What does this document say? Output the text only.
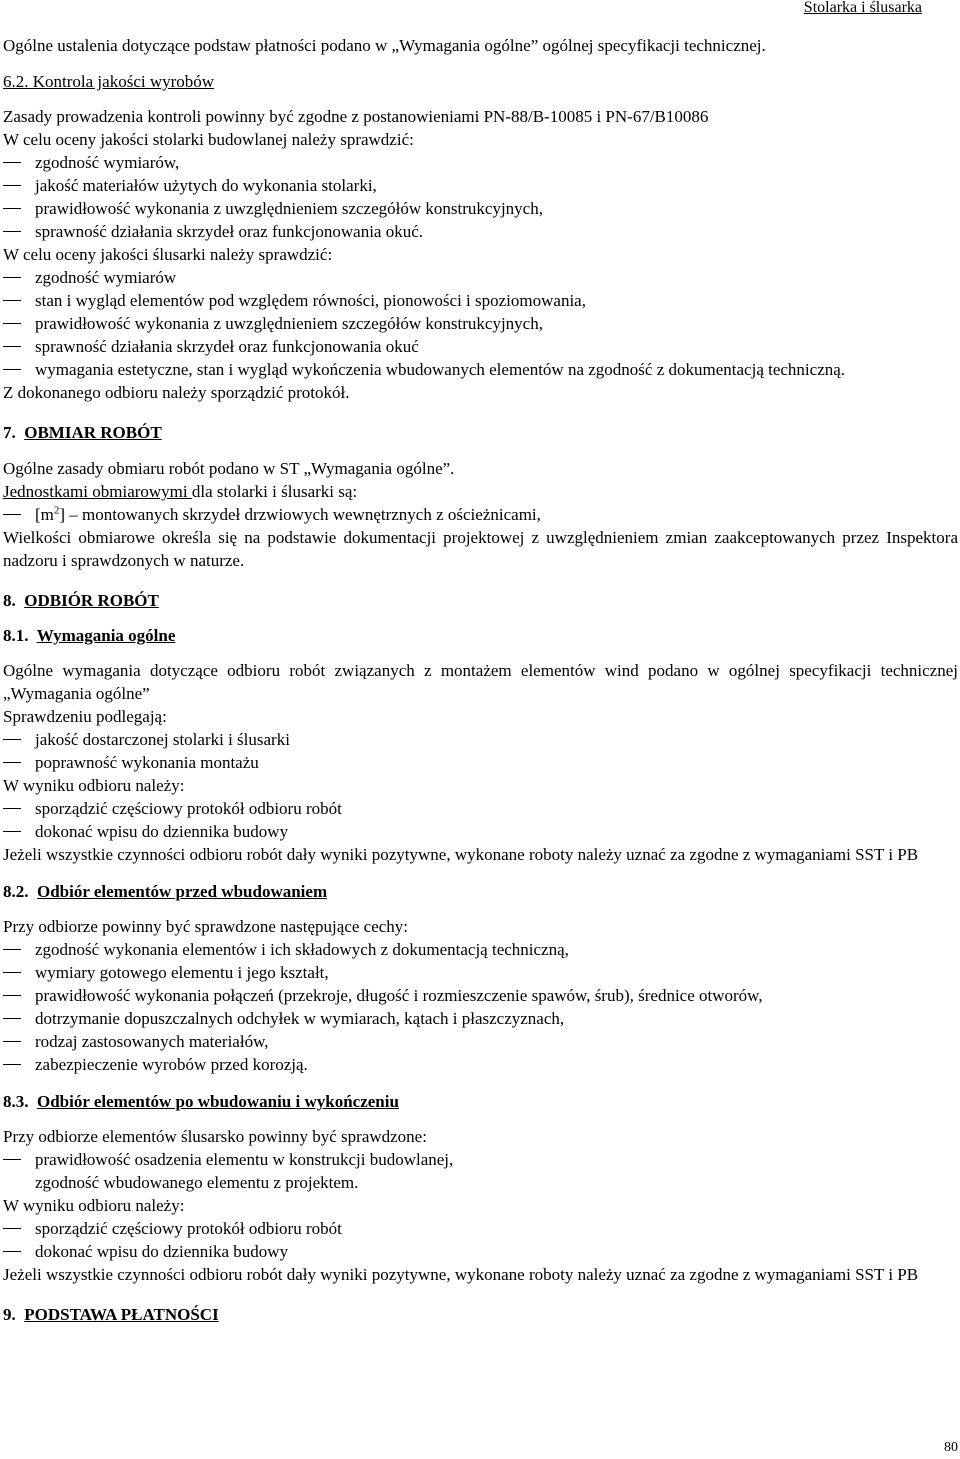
Stolarka i ślusarka

Ogólne ustalenia dotyczące podstaw płatności podano w „Wymagania ogólne” ogólnej specyfikacji technicznej.

6.2. Kontrola jakości wyrobów

Zasady prowadzenia kontroli powinny być zgodne z postanowieniami PN-88/B-10085 i PN-67/B10086

W celu oceny jakości stolarki budowlanej należy sprawdzić:

zgodność wymiarów,
jakość materiałów użytych do wykonania stolarki,
prawidłowość wykonania z uwzględnieniem szczegółów konstrukcyjnych,
sprawność działania skrzydeł oraz funkcjonowania okuć.

W celu oceny jakości ślusarki należy sprawdzić:

zgodność wymiarów
stan i wygląd elementów pod względem równości, pionowości i spoziomowania,
prawidłowość wykonania z uwzględnieniem szczegółów konstrukcyjnych,
sprawność działania skrzydeł oraz funkcjonowania okuć
wymagania estetyczne, stan i wygląd wykończenia wbudowanych elementów na zgodność z dokumentacją techniczną.

Z dokonanego odbioru należy sporządzić protokół.

7. OBMIAR ROBÓT

Ogólne zasady obmiaru robót podano w ST „Wymagania ogólne”.

Jednostkami obmiarowymi dla stolarki i ślusarki są:

$[m^2]$ – montowanych skrzydeł drzwiowych wewnętrznych z ościeżnicami,

Wielkości obmiarowe określa się na podstawie dokumentacji projektowej z uwzględnieniem zmian zaakceptowanych przez Inspektora nadzoru i sprawdzonych w naturze.

8. ODBIÓR ROBÓT

8.1. Wymagania ogólne

Ogólne wymagania dotyczące odbioru robót związanych z montażem elementów wind podano w ogólnej specyfikacji technicznej „Wymagania ogólne”

Sprawdzeniu podlegają:

jakość dostarczonej stolarki i ślusarki
poprawność wykonania montażu

W wyniku odbioru należy:

sporządzić częściowy protokół odbioru robót
dokonać wpisu do dziennika budowy

Jeżeli wszystkie czynności odbioru robót dały wyniki pozytywne, wykonane roboty należy uznać za zgodne z wymaganiami SST i PB

8.2. Odbiór elementów przed wbudowaniem

Przy odbiorze powinny być sprawdzone następujące cechy:

zgodność wykonania elementów i ich składowych z dokumentacją techniczną,
wymiary gotowego elementu i jego kształt,
prawidłowość wykonania połączeń (przekroje, długość i rozmieszczenie spawów, śrub), średnice otworów,
dotrzymanie dopuszczalnych odchyłek w wymiarach, kątach i płaszczyznach,
rodzaj zastosowanych materiałów,
zabezpieczenie wyrobów przed korozją.

8.3. Odbiór elementów po wbudowaniu i wykończeniu

Przy odbiorze elementów ślusarsko powinny być sprawdzone:

prawidłowość osadzenia elementu w konstrukcji budowlanej,

zgodność wbudowanego elementu z projektem.

W wyniku odbioru należy:

sporządzić częściowy protokół odbioru robót
dokonać wpisu do dziennika budowy

Jeżeli wszystkie czynności odbioru robót dały wyniki pozytywne, wykonane roboty należy uznać za zgodne z wymaganiami SST i PB

9. PODSTAWA PŁATNOŚCI

80
